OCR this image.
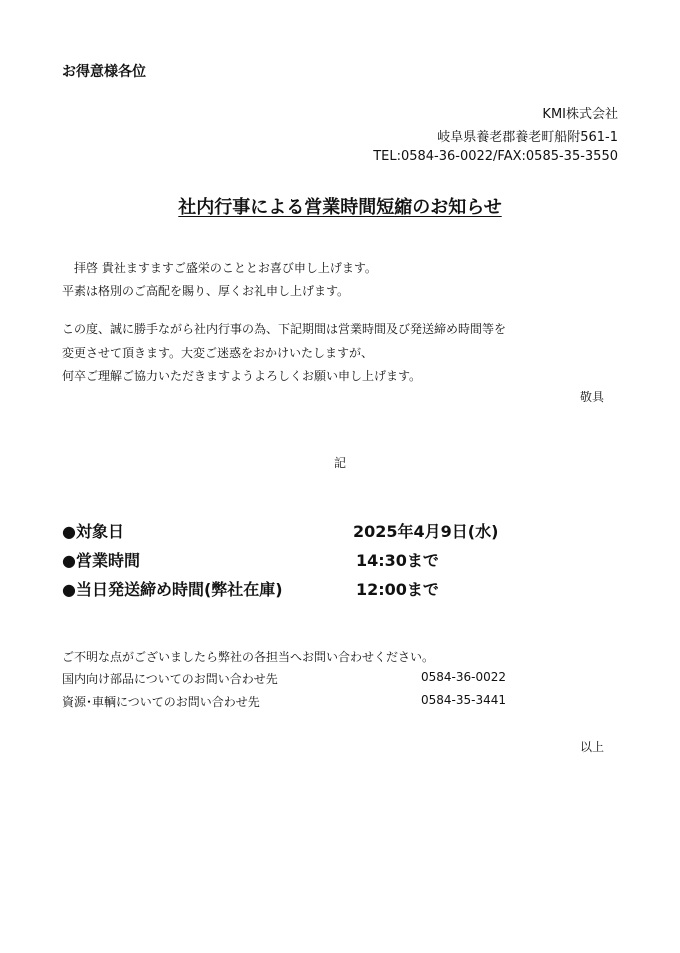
お得意様各位
KMI株式会社
岐阜県養老郡養老町船附561-1
TEL:0584-36-0022/FAX:0585-35-3550
社内行事による営業時間短縮のお知らせ
拝啓 貴社ますますご盛栄のこととお喜び申し上げます。
平素は格別のご高配を賜り、厚くお礼申し上げます。
この度、誠に勝手ながら社内行事の為、下記期間は営業時間及び発送締め時間等を
変更させて頂きます。大変ご迷惑をおかけいたしますが、
何卒ご理解ご協力いただきますようよろしくお願い申し上げます。
敬具
記
●対象日	2025年4月9日(水)
●営業時間	14:30まで
●当日発送締め時間(弊社在庫)	12:00まで
ご不明な点がございましたら弊社の各担当へお問い合わせください。
国内向け部品についてのお問い合わせ先	0584-36-0022
資源･車輌についてのお問い合わせ先	0584-35-3441
以上
